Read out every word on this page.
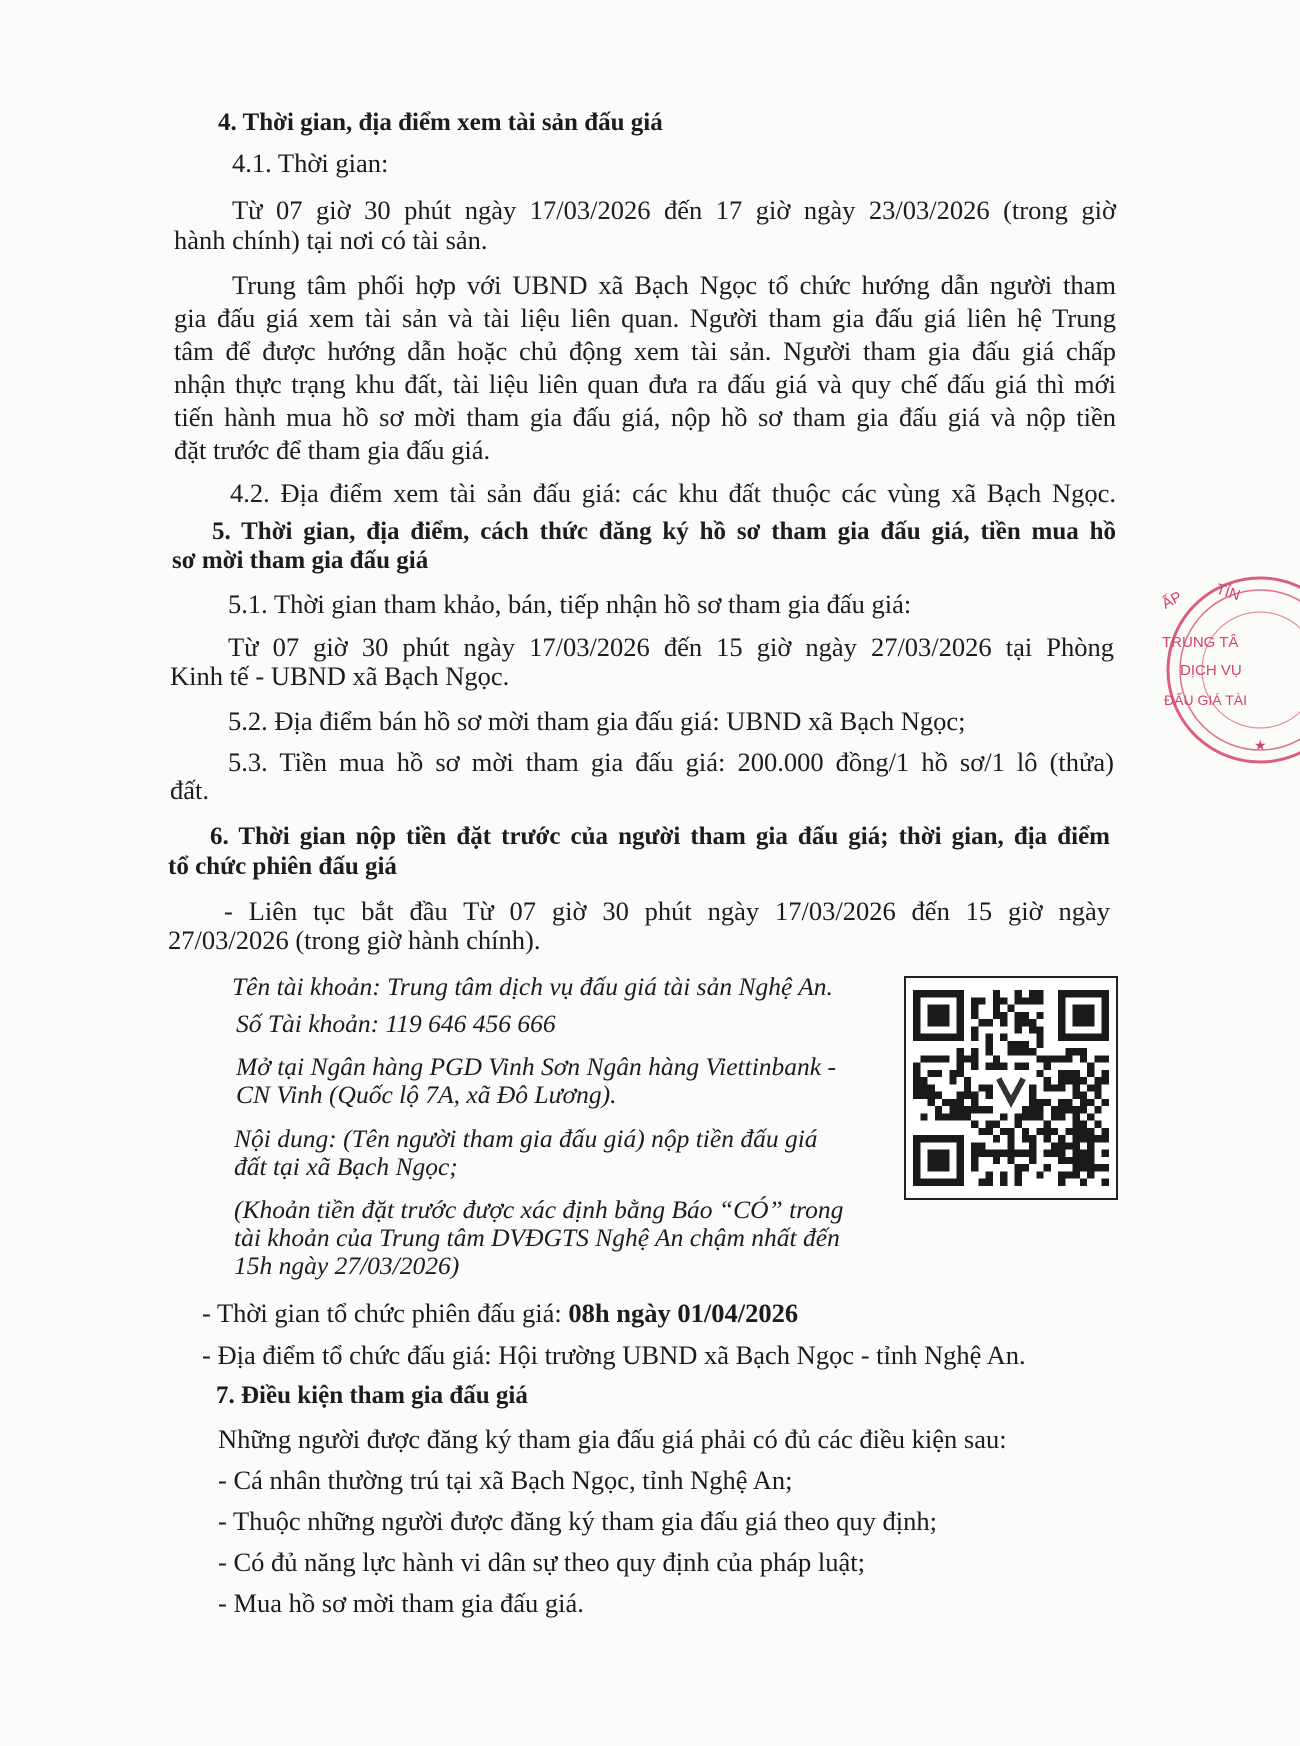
4. Thời gian, địa điểm xem tài sản đấu giá
4.1. Thời gian:
Từ 07 giờ 30 phút ngày 17/03/2026 đến 17 giờ ngày 23/03/2026 (trong giờ
hành chính) tại nơi có tài sản.
Trung tâm phối hợp với UBND xã Bạch Ngọc tổ chức hướng dẫn người tham
gia đấu giá xem tài sản và tài liệu liên quan. Người tham gia đấu giá liên hệ Trung
tâm để được hướng dẫn hoặc chủ động xem tài sản. Người tham gia đấu giá chấp
nhận thực trạng khu đất, tài liệu liên quan đưa ra đấu giá và quy chế đấu giá thì mới
tiến hành mua hồ sơ mời tham gia đấu giá, nộp hồ sơ tham gia đấu giá và nộp tiền
đặt trước để tham gia đấu giá.
4.2. Địa điểm xem tài sản đấu giá: các khu đất thuộc các vùng xã Bạch Ngọc.
5. Thời gian, địa điểm, cách thức đăng ký hồ sơ tham gia đấu giá, tiền mua hồ
sơ mời tham gia đấu giá
5.1. Thời gian tham khảo, bán, tiếp nhận hồ sơ tham gia đấu giá:
Từ 07 giờ 30 phút ngày 17/03/2026 đến 15 giờ ngày 27/03/2026 tại Phòng
Kinh tế - UBND xã Bạch Ngọc.
5.2. Địa điểm bán hồ sơ mời tham gia đấu giá: UBND xã Bạch Ngọc;
5.3. Tiền mua hồ sơ mời tham gia đấu giá: 200.000 đồng/1 hồ sơ/1 lô (thửa)
đất.
6. Thời gian nộp tiền đặt trước của người tham gia đấu giá; thời gian, địa điểm
tổ chức phiên đấu giá
- Liên tục bắt đầu Từ 07 giờ 30 phút ngày 17/03/2026 đến 15 giờ ngày
27/03/2026 (trong giờ hành chính).
Tên tài khoản: Trung tâm dịch vụ đấu giá tài sản Nghệ An.
Số Tài khoản: 119 646 456 666
Mở tại Ngân hàng PGD Vinh Sơn Ngân hàng Viettinbank -
CN Vinh (Quốc lộ 7A, xã Đô Lương).
Nội dung: (Tên người tham gia đấu giá) nộp tiền đấu giá
đất tại xã Bạch Ngọc;
(Khoản tiền đặt trước được xác định bằng Báo “CÓ” trong
tài khoản của Trung tâm DVĐGTS Nghệ An chậm nhất đến
15h ngày 27/03/2026)
- Thời gian tổ chức phiên đấu giá: 08h ngày 01/04/2026
- Địa điểm tổ chức đấu giá: Hội trường UBND xã Bạch Ngọc - tỉnh Nghệ An.
7. Điều kiện tham gia đấu giá
Những người được đăng ký tham gia đấu giá phải có đủ các điều kiện sau:
- Cá nhân thường trú tại xã Bạch Ngọc, tỉnh Nghệ An;
- Thuộc những người được đăng ký tham gia đấu giá theo quy định;
- Có đủ năng lực hành vi dân sự theo quy định của pháp luật;
- Mua hồ sơ mời tham gia đấu giá.
★
ẤP TỈN
TRUNG TÂ
DỊCH VỤ
ĐẤU GIÁ TÀI
